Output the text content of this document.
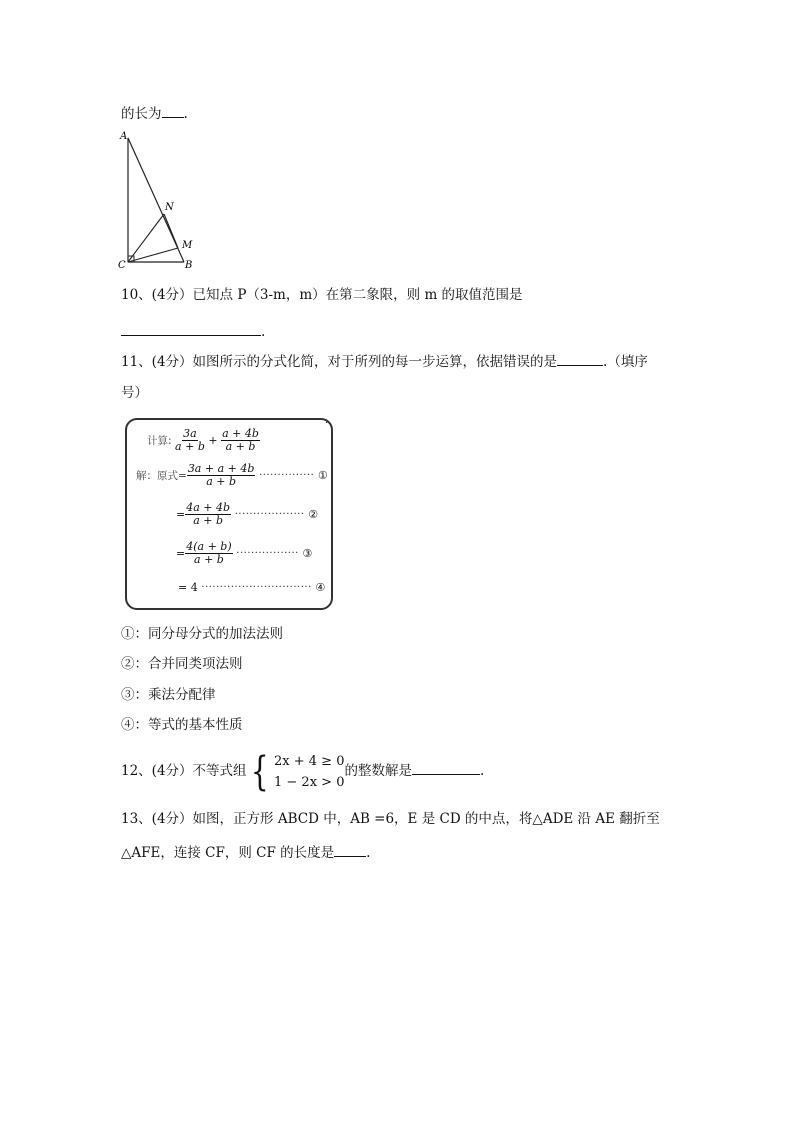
的长为 .
A
N
M
C	B
10、(4分）已知点 P（3-m，m）在第二象限，则 m 的取值范围是
.
11、(4分）如图所示的分式化简，对于所列的每一步运算，依据错误的是	.（填序
号）
·
计算:
$\frac{3a}{a + b}$
+
$\frac{a + 4b}{a + b}$
解：原式= $\frac{3a + a + 4b}{a + b}$ ··············· ①
= $\frac{4a + 4b}{a + b}$ ··················· ②
= $\frac{4(a + b)}{a + b}$ ················· ③
= 4 ······························ ④
①：同分母分式的加法法则
②：合并同类项法则
③：乘法分配律
④：等式的基本性质
12、(4分）不等式组 { 2x + 4 ≥ 0
1 − 2x > 0
的整数解是	.
13、(4分）如图，正方形 ABCD 中，AB =6，E 是 CD 的中点，将△ADE 沿 AE 翻折至
△AFE，连接 CF，则 CF 的长度是 .
